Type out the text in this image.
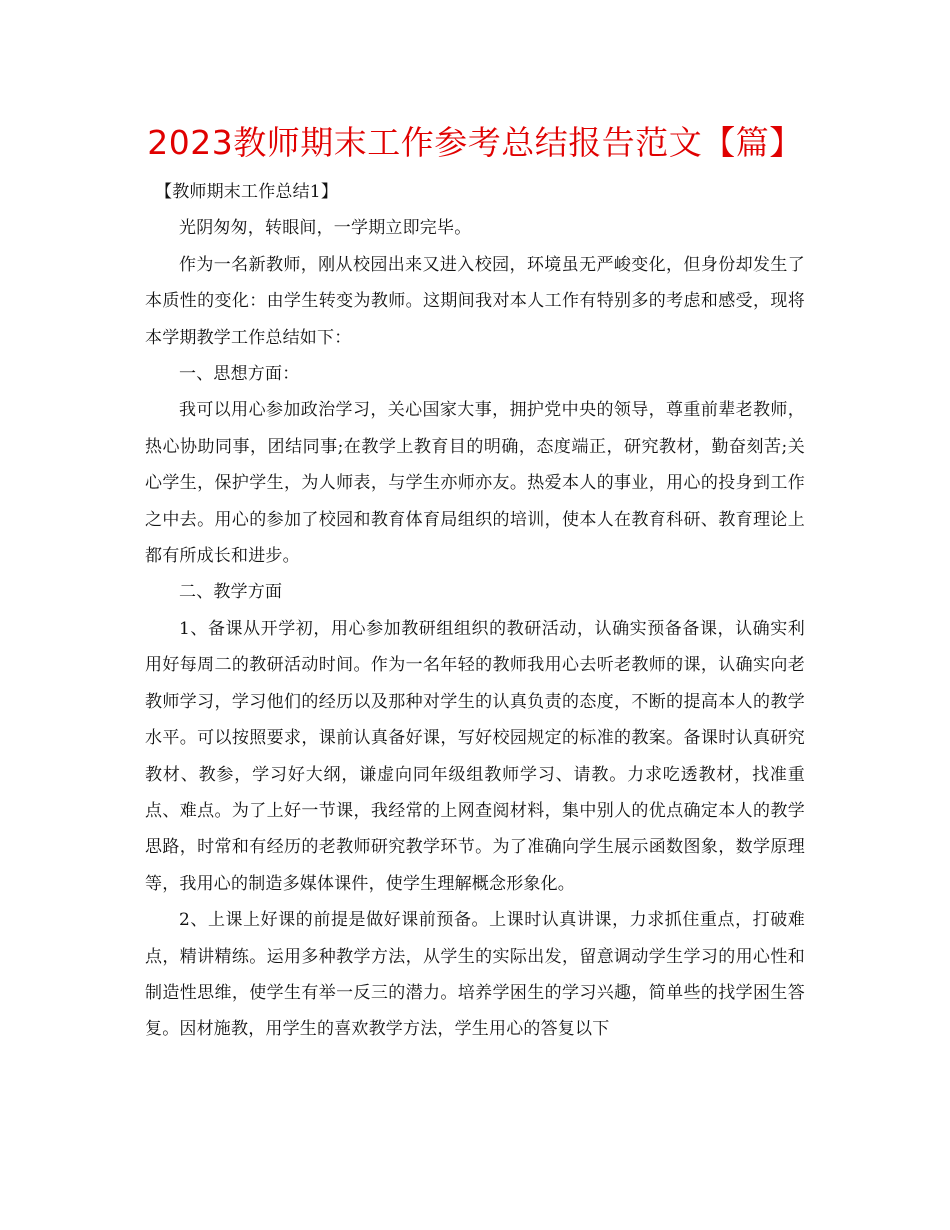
2023教师期末工作参考总结报告范文【篇】

【教师期末工作总结1】

光阴匆匆，转眼间，一学期立即完毕。

作为一名新教师，刚从校园出来又进入校园，环境虽无严峻变化，但身份却发生了本质性的变化：由学生转变为教师。这期间我对本人工作有特别多的考虑和感受，现将本学期教学工作总结如下：

一、思想方面：

我可以用心参加政治学习，关心国家大事，拥护党中央的领导，尊重前辈老教师，热心协助同事，团结同事;在教学上教育目的明确，态度端正，研究教材，勤奋刻苦;关心学生，保护学生，为人师表，与学生亦师亦友。热爱本人的事业，用心的投身到工作之中去。用心的参加了校园和教育体育局组织的培训，使本人在教育科研、教育理论上都有所成长和进步。

二、教学方面

1、备课从开学初，用心参加教研组组织的教研活动，认确实预备备课，认确实利用好每周二的教研活动时间。作为一名年轻的教师我用心去听老教师的课，认确实向老教师学习，学习他们的经历以及那种对学生的认真负责的态度，不断的提高本人的教学水平。可以按照要求，课前认真备好课，写好校园规定的标准的教案。备课时认真研究教材、教参，学习好大纲，谦虚向同年级组教师学习、请教。力求吃透教材，找准重点、难点。为了上好一节课，我经常的上网查阅材料，集中别人的优点确定本人的教学思路，时常和有经历的老教师研究教学环节。为了准确向学生展示函数图象，数学原理等，我用心的制造多媒体课件，使学生理解概念形象化。

2、上课上好课的前提是做好课前预备。上课时认真讲课，力求抓住重点，打破难点，精讲精练。运用多种教学方法，从学生的实际出发，留意调动学生学习的用心性和制造性思维，使学生有举一反三的潜力。培养学困生的学习兴趣，简单些的找学困生答复。因材施教，用学生的喜欢教学方法，学生用心的答复以下
